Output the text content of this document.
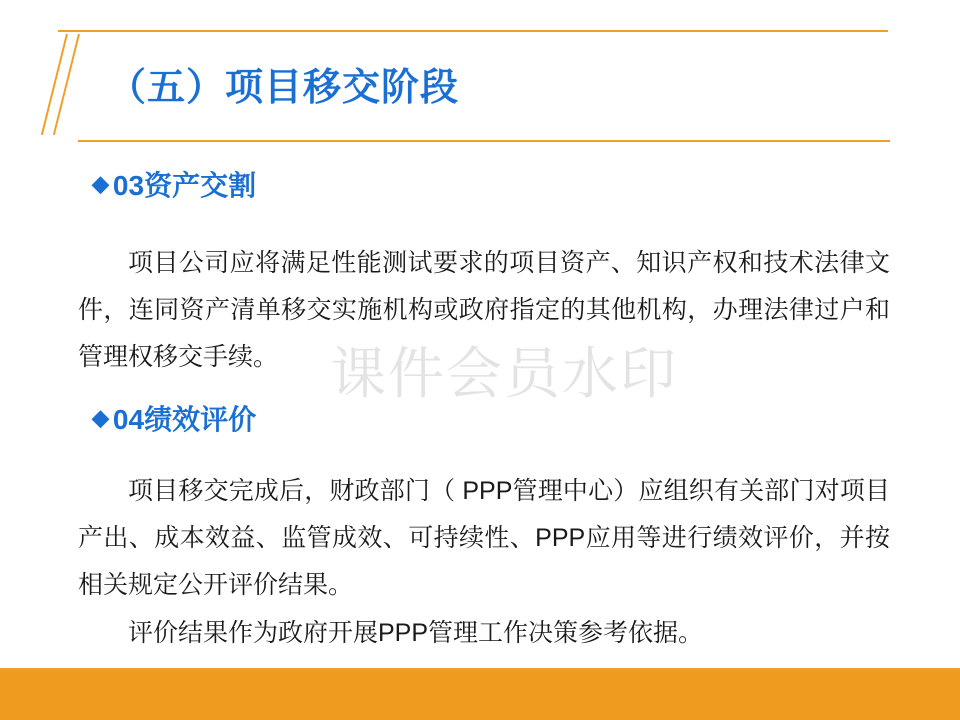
（五）项目移交阶段
◆ 03资产交割
项目公司应将满足性能测试要求的项目资产、知识产权和技术法律文件，连同资产清单移交实施机构或政府指定的其他机构，办理法律过户和管理权移交手续。
◆ 04绩效评价
项目移交完成后，财政部门（ PPP管理中心）应组织有关部门对项目产出、成本效益、监管成效、可持续性、PPP应用等进行绩效评价，并按相关规定公开评价结果。
评价结果作为政府开展PPP管理工作决策参考依据。
课件会员水印
